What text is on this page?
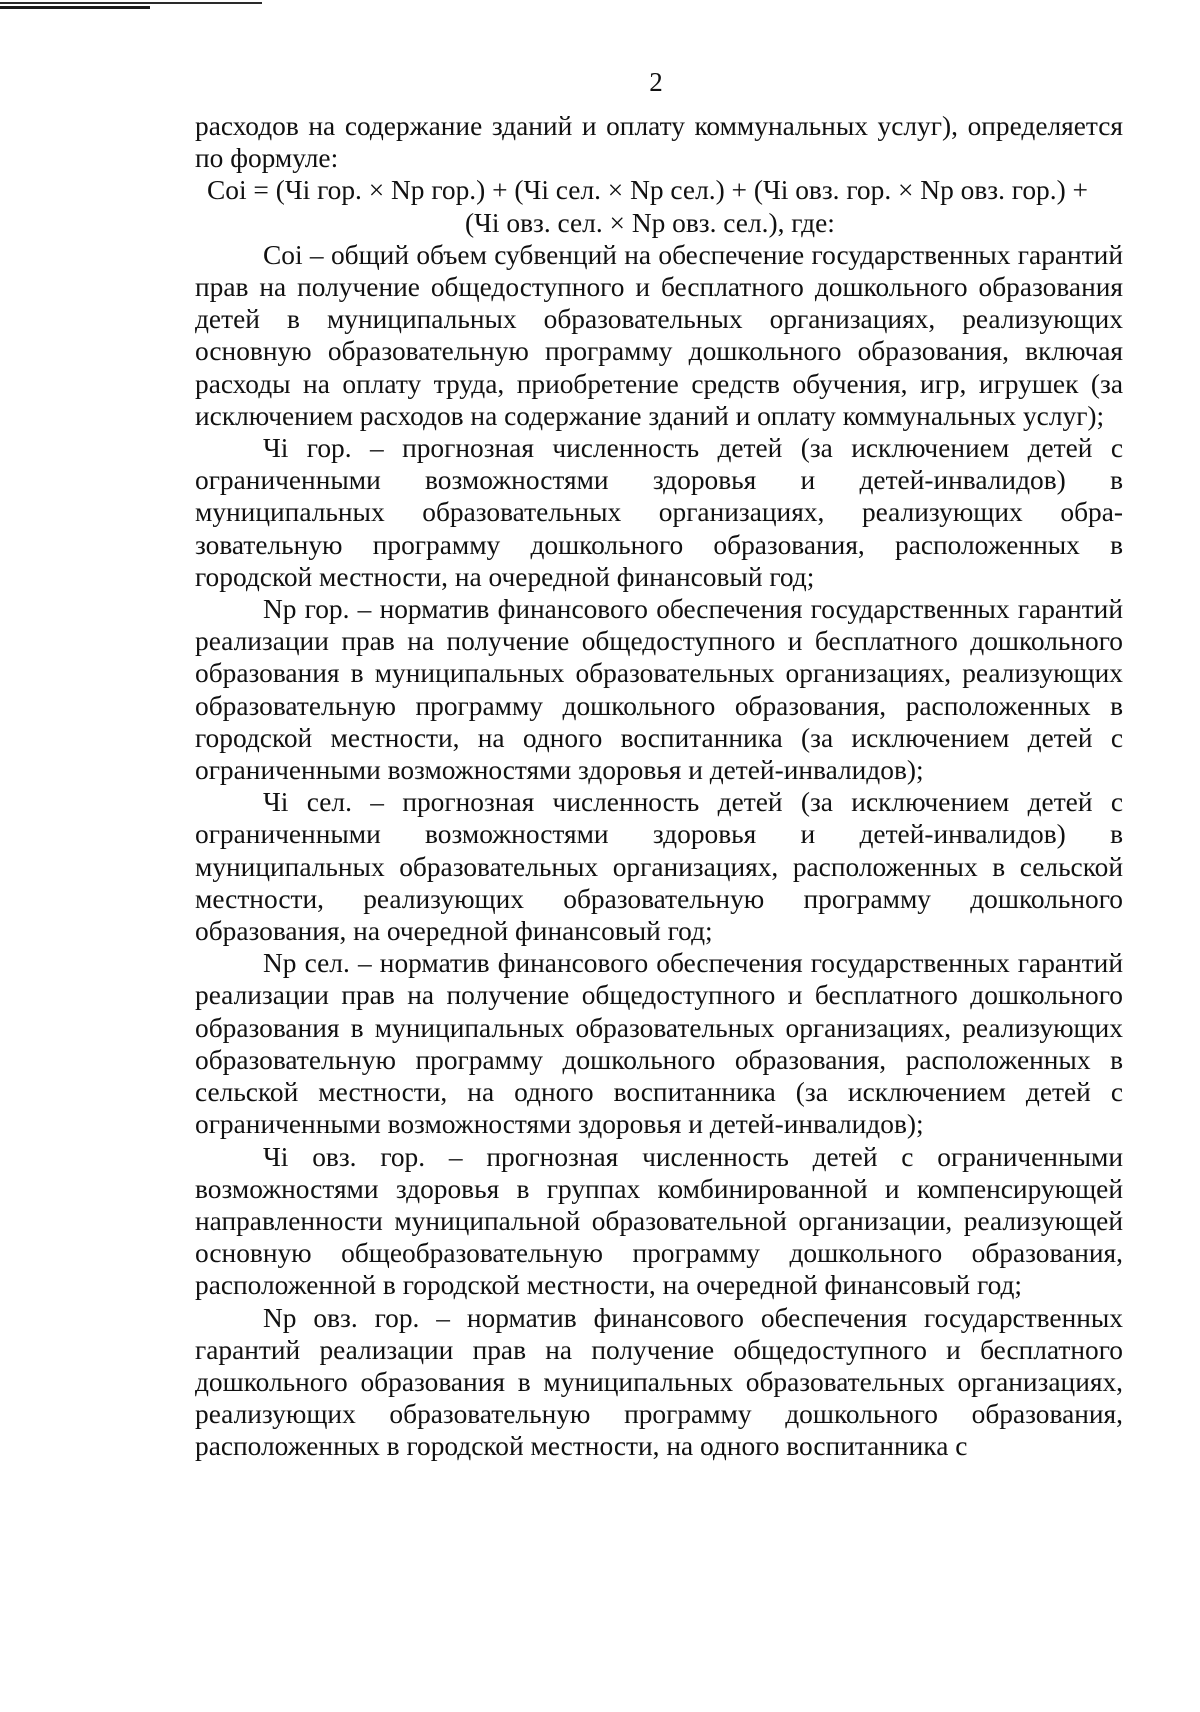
2

расходов на содержание зданий и оплату коммунальных услуг), определяется по формуле:

Coi = (Чi гор. × Np гор.) + (Чi сел. × Np сел.) + (Чi овз. гор. × Np овз. гор.) +
(Чi овз. сел. × Np овз. сел.), где:

Coi – общий объем субвенций на обеспечение государственных гарантий прав на получение общедоступного и бесплатного дошкольного образования детей в муниципальных образовательных организациях, реализующих основную образовательную программу дошкольного образования, включая расходы на оплату труда, приобретение средств обучения, игр, игрушек (за исключением расходов на содержание зданий и оплату коммунальных услуг);

Чi гор. – прогнозная численность детей (за исключением детей с ограниченными возможностями здоровья и детей-инвалидов) в муниципальных образовательных организациях, реализующих образовательную программу дошкольного образования, расположенных в городской местности, на очередной финансовый год;

Np гор. – норматив финансового обеспечения государственных гарантий реализации прав на получение общедоступного и бесплатного дошкольного образования в муниципальных образовательных организациях, реализующих образовательную программу дошкольного образования, расположенных в городской местности, на одного воспитанника (за исключением детей с ограниченными возможностями здоровья и детей-инвалидов);

Чi сел. – прогнозная численность детей (за исключением детей с ограниченными возможностями здоровья и детей-инвалидов) в муниципальных образовательных организациях, расположенных в сельской местности, реализующих образовательную программу дошкольного образования, на очередной финансовый год;

Np сел. – норматив финансового обеспечения государственных гарантий реализации прав на получение общедоступного и бесплатного дошкольного образования в муниципальных образовательных организациях, реализующих образовательную программу дошкольного образования, расположенных в сельской местности, на одного воспитанника (за исключением детей с ограниченными возможностями здоровья и детей-инвалидов);

Чi овз. гор. – прогнозная численность детей с ограниченными возможностями здоровья в группах комбинированной и компенсирующей направленности муниципальной образовательной организации, реализующей основную общеобразовательную программу дошкольного образования, расположенной в городской местности, на очередной финансовый год;

Np овз. гор. – норматив финансового обеспечения государственных гарантий реализации прав на получение общедоступного и бесплатного дошкольного образования в муниципальных образовательных организациях, реализующих образовательную программу дошкольного образования, расположенных в городской местности, на одного воспитанника с
